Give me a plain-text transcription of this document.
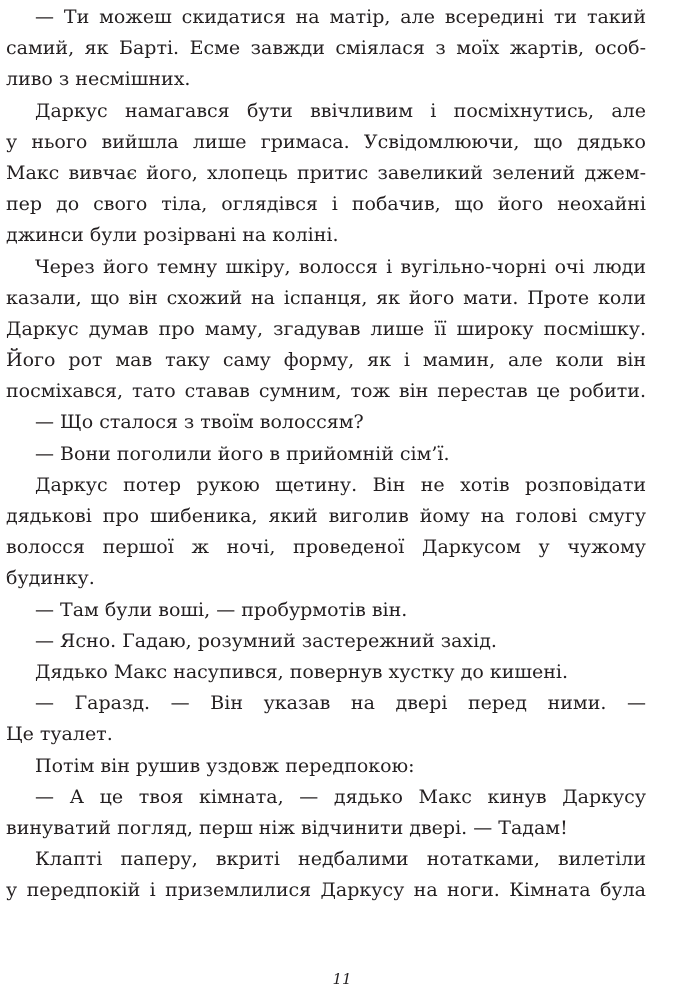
— Ти можеш скидатися на матір, але всередині ти такий
самий, як Барті. Есме завжди сміялася з моїх жартів, особ-
ливо з несмішних.
Даркус намагався бути ввічливим і посміхнутись, але
у нього вийшла лише гримаса. Усвідомлюючи, що дядько
Макс вивчає його, хлопець притис завеликий зелений джем-
пер до свого тіла, оглядівся і побачив, що його неохайні
джинси були розірвані на коліні.
Через його темну шкіру, волосся і вугільно-чорні очі люди
казали, що він схожий на іспанця, як його мати. Проте коли
Даркус думав про маму, згадував лише її широку посмішку.
Його рот мав таку саму форму, як і мамин, але коли він
посміхався, тато ставав сумним, тож він перестав це робити.
— Що сталося з твоїм волоссям?
— Вони поголили його в прийомній сім’ї.
Даркус потер рукою щетину. Він не хотів розповідати
дядькові про шибеника, який виголив йому на голові смугу
волосся першої ж ночі, проведеної Даркусом у чужому
будинку.
— Там були воші, — пробурмотів він.
— Ясно. Гадаю, розумний застережний захід.
Дядько Макс насупився, повернув хустку до кишені.
— Гаразд. — Він указав на двері перед ними. —
Це туалет.
Потім він рушив уздовж передпокою:
— А це твоя кімната, — дядько Макс кинув Даркусу
винуватий погляд, перш ніж відчинити двері. — Тадам!
Клапті паперу, вкриті недбалими нотатками, вилетіли
у передпокій і приземлилися Даркусу на ноги. Кімната була
11
